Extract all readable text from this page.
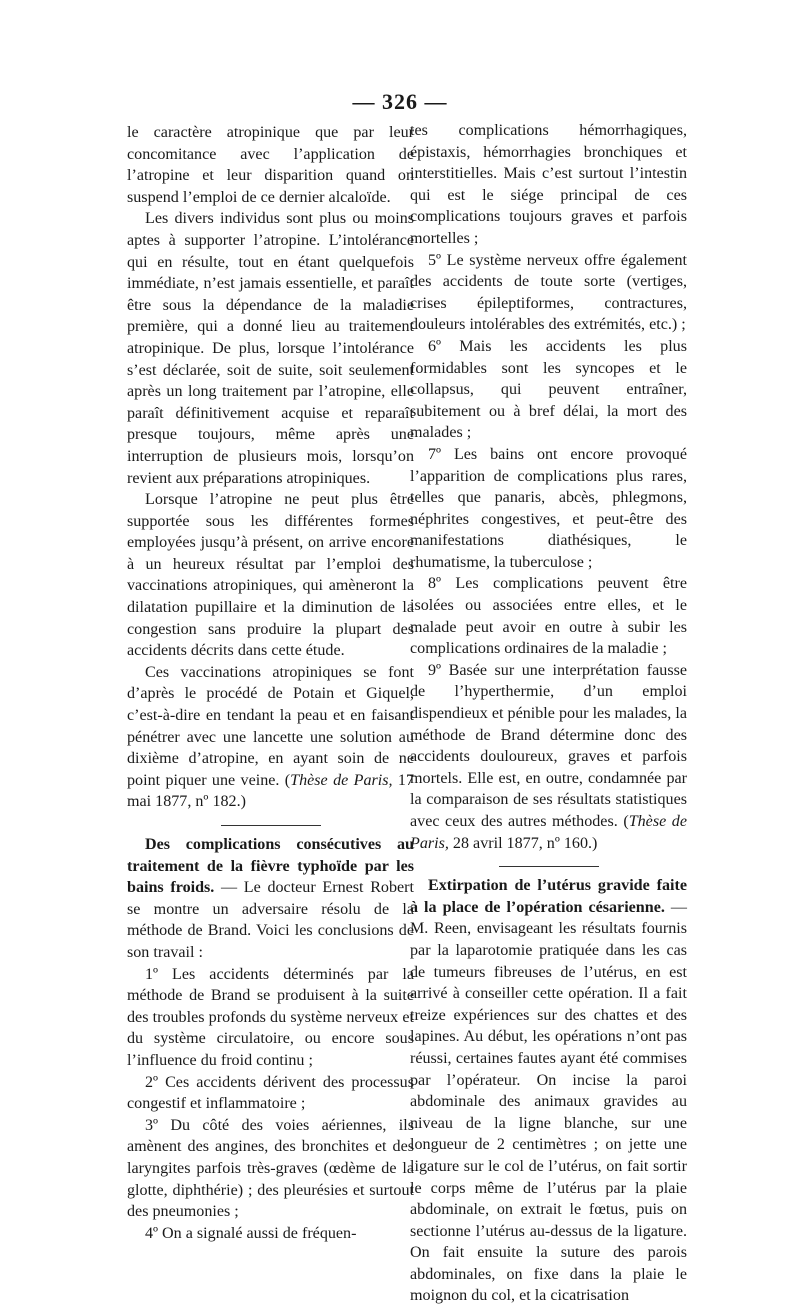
— 326 —

le caractère atropinique que par leur concomitance avec l’application de l’atropine et leur disparition quand on suspend l’emploi de ce dernier alcaloïde.

Les divers individus sont plus ou moins aptes à supporter l’atropine. L’intolérance qui en résulte, tout en étant quelquefois immédiate, n’est jamais essentielle, et paraît être sous la dépendance de la maladie première, qui a donné lieu au traitement atropinique. De plus, lorsque l’intolérance s’est déclarée, soit de suite, soit seulement après un long traitement par l’atropine, elle paraît définitivement acquise et reparaît presque toujours, même après une interruption de plusieurs mois, lorsqu’on revient aux préparations atropiniques.

Lorsque l’atropine ne peut plus être supportée sous les différentes formes employées jusqu’à présent, on arrive encore à un heureux résultat par l’emploi des vaccinations atropiniques, qui amèneront la dilatation pupillaire et la diminution de la congestion sans produire la plupart des accidents décrits dans cette étude.

Ces vaccinations atropiniques se font d’après le procédé de Potain et Giquel, c’est-à-dire en tendant la peau et en faisant pénétrer avec une lancette une solution au dixième d’atropine, en ayant soin de ne point piquer une veine. (Thèse de Paris, 17 mai 1877, nº 182.)

Des complications consécutives au traitement de la fièvre typhoïde par les bains froids. — Le docteur Ernest Robert se montre un adversaire résolu de la méthode de Brand. Voici les conclusions de son travail :

1º Les accidents déterminés par la méthode de Brand se produisent à la suite des troubles profonds du système nerveux et du système circulatoire, ou encore sous l’influence du froid continu ;

2º Ces accidents dérivent des processus congestif et inflammatoire ;

3º Du côté des voies aériennes, ils amènent des angines, des bronchites et des laryngites parfois très-graves (œdème de la glotte, diphthérie) ; des pleurésies et surtout des pneumonies ;

4º On a signalé aussi de fréquen-

tes complications hémorrhagiques, épistaxis, hémorrhagies bronchiques et interstitielles. Mais c’est surtout l’intestin qui est le siége principal de ces complications toujours graves et parfois mortelles ;

5º Le système nerveux offre également des accidents de toute sorte (vertiges, crises épileptiformes, contractures, douleurs intolérables des extrémités, etc.) ;

6º Mais les accidents les plus formidables sont les syncopes et le collapsus, qui peuvent entraîner, subitement ou à bref délai, la mort des malades ;

7º Les bains ont encore provoqué l’apparition de complications plus rares, telles que panaris, abcès, phlegmons, néphrites congestives, et peut-être des manifestations diathésiques, le rhumatisme, la tuberculose ;

8º Les complications peuvent être isolées ou associées entre elles, et le malade peut avoir en outre à subir les complications ordinaires de la maladie ;

9º Basée sur une interprétation fausse de l’hyperthermie, d’un emploi dispendieux et pénible pour les malades, la méthode de Brand détermine donc des accidents douloureux, graves et parfois mortels. Elle est, en outre, condamnée par la comparaison de ses résultats statistiques avec ceux des autres méthodes. (Thèse de Paris, 28 avril 1877, nº 160.)

Extirpation de l’utérus gravide faite à la place de l’opération césarienne. — M. Reen, envisageant les résultats fournis par la laparotomie pratiquée dans les cas de tumeurs fibreuses de l’utérus, en est arrivé à conseiller cette opération. Il a fait treize expériences sur des chattes et des lapines. Au début, les opérations n’ont pas réussi, certaines fautes ayant été commises par l’opérateur. On incise la paroi abdominale des animaux gravides au niveau de la ligne blanche, sur une longueur de 2 centimètres ; on jette une ligature sur le col de l’utérus, on fait sortir le corps même de l’utérus par la plaie abdominale, on extrait le fœtus, puis on sectionne l’utérus au-dessus de la ligature. On fait ensuite la suture des parois abdominales, on fixe dans la plaie le moignon du col, et la cicatrisation
